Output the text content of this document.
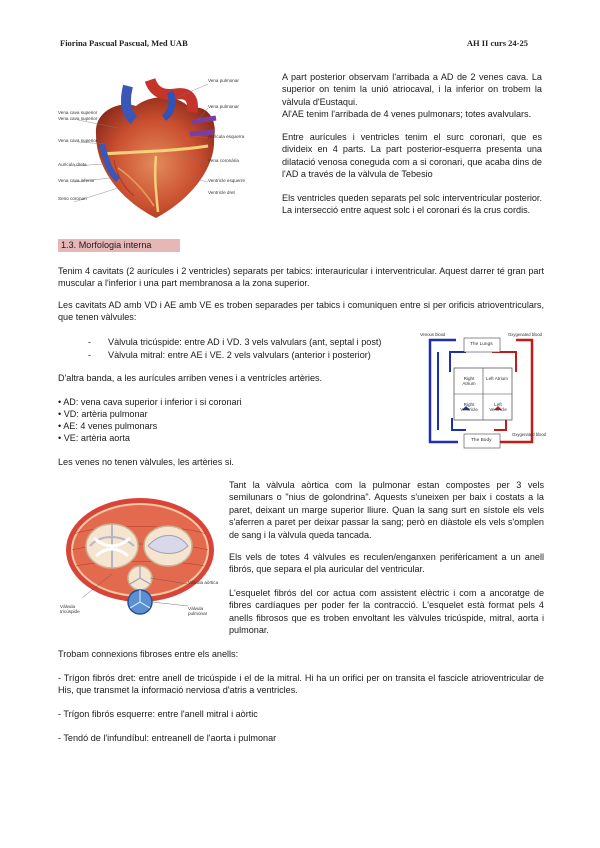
Fiorina Pascual Pascual, Med UAB	AH II curs 24-25
Vena cava superior
Vena cava superior
Vena cava superior
Aurícula dreta
Vena cava inferior
Seno coronari
Vena pulmonar
Vena pulmonar
Aurícula esquerra
Vena coronària
Ventricle esquerre
Ventricle dret

A part posterior observam l'arribada a AD de 2 venes cava. La superior on tenim la unió atriocaval, i la inferior on trobem la vàlvula d'Eustaqui.

Al'AE tenim l'arribada de 4 venes pulmonars; totes avalvulars.

Entre aurícules i ventricles tenim el surc coronari, que es divideix en 4 parts. La part posterior-esquerra presenta una dilatació venosa coneguda com a si coronari, que acaba dins de l'AD a través de la vàlvula de Tebesio

Els ventricles queden separats pel solc interventricular posterior. La intersecció entre aquest solc i el coronari és la crus cordis.

1.3. Morfologia interna

Tenim 4 cavitats (2 aurícules i 2 ventricles) separats per tabics: interauricular i interventricular. Aquest darrer té gran part muscular a l'inferior i una part membranosa a la zona superior.

Les cavitats AD amb VD i AE amb VE es troben separades per tabics i comuniquen entre si per orificis atrioventriculars, que tenen vàlvules:

- Vàlvula tricúspide: entre AD i VD. 3 vels valvulars (ant, septal i post)
- Vàlvula mitral: entre AE i VE. 2 vels valvulars (anterior i posterior)

D'altra banda, a les aurícules arriben venes i a ventrícles artèries.

• AD: vena cava superior i inferior i si coronari

• VD: artèria pulmonar

• AE: 4 venes pulmonars

• VE: artèria aorta

Les venes no tenen vàlvules, les artèries si.

Venous blood	Oxygenated blood
The Lungs
Right Atrium
Left Atrium
Right Ventricle
Left Ventricle
The Body
Oxygenated blood
Vàlvula tricúspide
Vàlvula aòrtica
Vàlvula pulmonar

Tant la vàlvula aòrtica com la pulmonar estan compostes per 3 vels semilunars o "nius de golondrina". Aquests s'uneixen per baix i costats a la paret, deixant un marge superior lliure. Quan la sang surt en sístole els vels s'aferren a paret per deixar passar la sang; però en diàstole els vels s'omplen de sang i la vàlvula queda tancada.

Els vels de totes 4 vàlvules es reculen/enganxen perifèricament a un anell fibrós, que separa el pla auricular del ventricular.

L'esquelet fibrós del cor actua com assistent elèctric i com a ancoratge de fibres cardíaques per poder fer la contracció. L'esquelet està format pels 4 anells fibrosos que es troben envoltant les vàlvules tricúspide, mitral, aorta i pulmonar.

Trobam connexions fibroses entre els anells:

- Trígon fibrós dret: entre anell de tricúspide i el de la mitral. Hi ha un orifici per on transita el fascicle atrioventricular de His, que transmet la informació nerviosa d'atris a ventricles.

- Trígon fibrós esquerre: entre l'anell mitral i aòrtic

- Tendó de l'infundíbul: entreanell de l'aorta i pulmonar
